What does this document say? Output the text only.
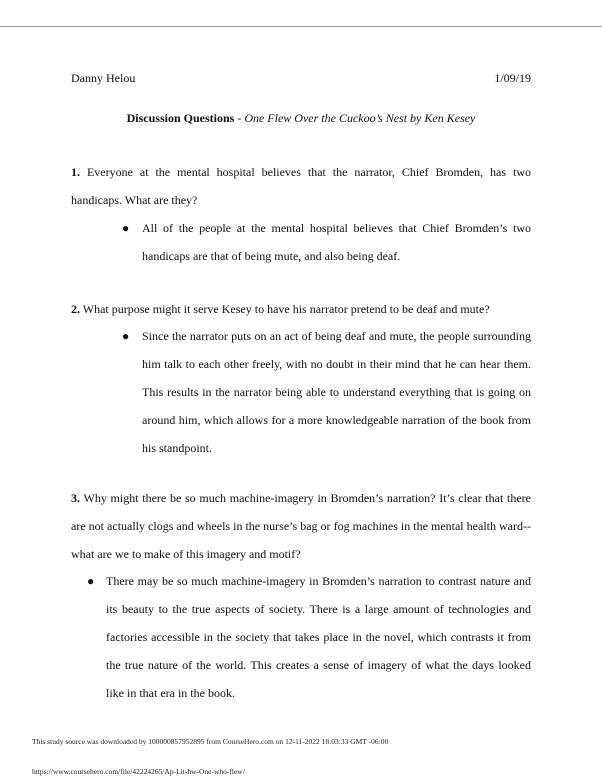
Danny Helou	1/09/19
Discussion Questions - One Flew Over the Cuckoo’s Nest by Ken Kesey
1. Everyone at the mental hospital believes that the narrator, Chief Bromden, has two handicaps. What are they?
● All of the people at the mental hospital believes that Chief Bromden’s two handicaps are that of being mute, and also being deaf.
2. What purpose might it serve Kesey to have his narrator pretend to be deaf and mute?
● Since the narrator puts on an act of being deaf and mute, the people surrounding him talk to each other freely, with no doubt in their mind that he can hear them. This results in the narrator being able to understand everything that is going on around him, which allows for a more knowledgeable narration of the book from his standpoint.
3. Why might there be so much machine-imagery in Bromden’s narration? It’s clear that there are not actually clogs and wheels in the nurse’s bag or fog machines in the mental health ward--what are we to make of this imagery and motif?
● There may be so much machine-imagery in Bromden’s narration to contrast nature and its beauty to the true aspects of society. There is a large amount of technologies and factories accessible in the society that takes place in the novel, which contrasts it from the true nature of the world. This creates a sense of imagery of what the days looked like in that era in the book.
This study source was downloaded by 100000857952895 from CourseHero.com on 12-11-2022 18:03:33 GMT -06:00
https://www.coursehero.com/file/42224265/Ap-Lit-hw-One-who-flew/
